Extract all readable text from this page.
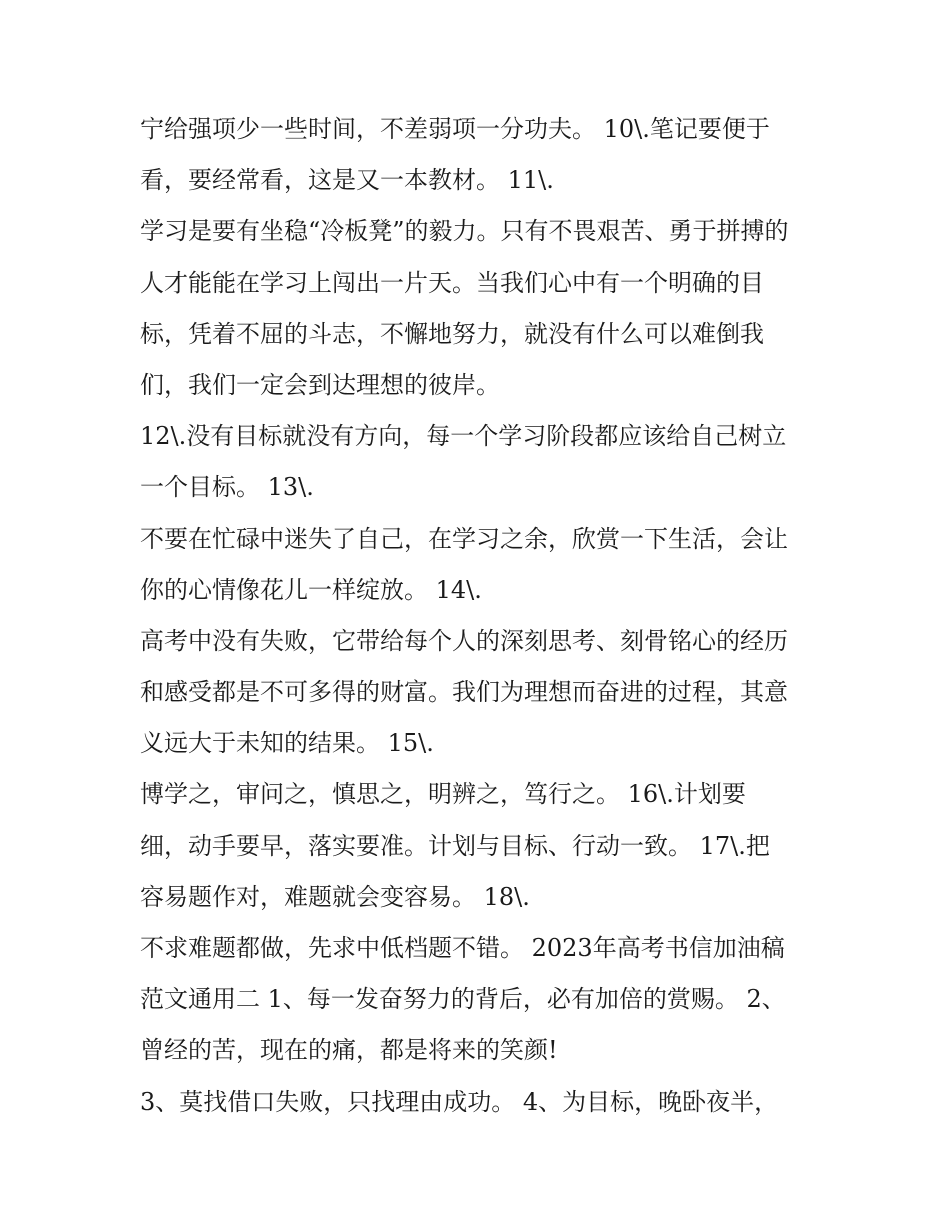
宁给强项少一些时间，不差弱项一分功夫。 10\.笔记要便于
看，要经常看，这是又一本教材。 11\.
学习是要有坐稳“冷板凳”的毅力。只有不畏艰苦、勇于拼搏的
人才能能在学习上闯出一片天。当我们心中有一个明确的目
标，凭着不屈的斗志，不懈地努力，就没有什么可以难倒我
们，我们一定会到达理想的彼岸。
12\.没有目标就没有方向，每一个学习阶段都应该给自己树立
一个目标。 13\.
不要在忙碌中迷失了自己，在学习之余，欣赏一下生活，会让
你的心情像花儿一样绽放。 14\.
高考中没有失败，它带给每个人的深刻思考、刻骨铭心的经历
和感受都是不可多得的财富。我们为理想而奋进的过程，其意
义远大于未知的结果。 15\.
博学之，审问之，慎思之，明辨之，笃行之。 16\.计划要
细，动手要早，落实要准。计划与目标、行动一致。 17\.把
容易题作对，难题就会变容易。 18\.
不求难题都做，先求中低档题不错。 2023年高考书信加油稿
范文通用二 1、每一发奋努力的背后，必有加倍的赏赐。 2、
曾经的苦，现在的痛，都是将来的笑颜!
3、莫找借口失败，只找理由成功。 4、为目标，晚卧夜半，
